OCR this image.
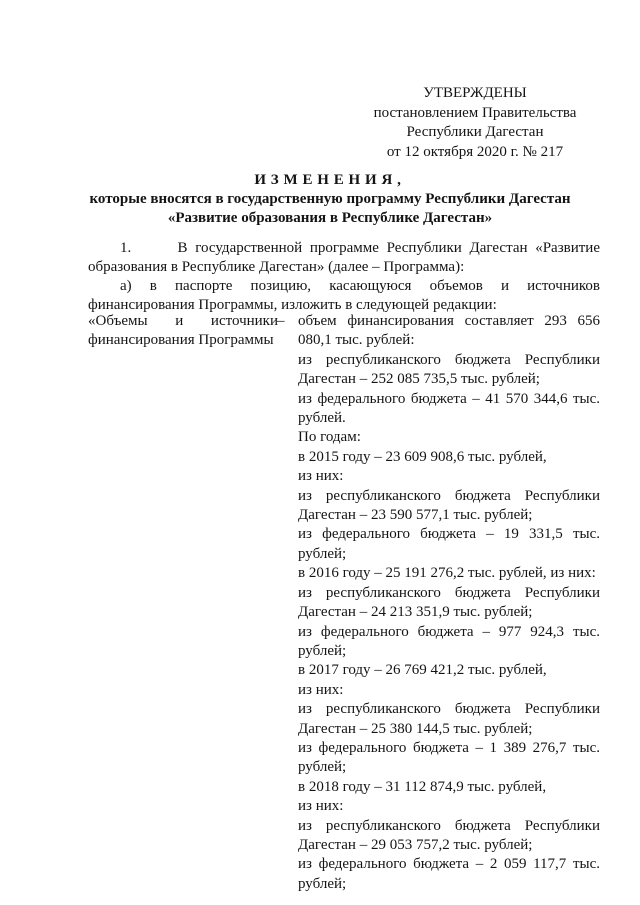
УТВЕРЖДЕНЫ
постановлением Правительства
Республики Дагестан
от 12 октября 2020 г. № 217
ИЗМЕНЕНИЯ,
которые вносятся в государственную программу Республики Дагестан
«Развитие образования в Республике Дагестан»
1.      В государственной программе Республики Дагестан «Развитие образования в Республике Дагестан» (далее – Программа):
а) в паспорте позицию, касающуюся объемов и источников финансирования Программы, изложить в следующей редакции:
«Объемы и источники финансирования Программы
– объем финансирования составляет 293 656 080,1 тыс. рублей:

из республиканского бюджета Республики Дагестан – 252 085 735,5 тыс. рублей;

из федерального бюджета – 41 570 344,6 тыс. рублей.

По годам:

в 2015 году – 23 609 908,6 тыс. рублей,

из них:

из республиканского бюджета Республики Дагестан – 23 590 577,1 тыс. рублей;

из федерального бюджета – 19 331,5 тыс. рублей;

в 2016 году – 25 191 276,2 тыс. рублей, из них:

из республиканского бюджета Республики Дагестан – 24 213 351,9 тыс. рублей;

из федерального бюджета – 977 924,3 тыс. рублей;

в 2017 году – 26 769 421,2 тыс. рублей,

из них:

из республиканского бюджета Республики Дагестан – 25 380 144,5 тыс. рублей;

из федерального бюджета – 1 389 276,7 тыс. рублей;

в 2018 году – 31 112 874,9 тыс. рублей,

из них:

из республиканского бюджета Республики Дагестан – 29 053 757,2 тыс. рублей;

из федерального бюджета – 2 059 117,7 тыс. рублей;
